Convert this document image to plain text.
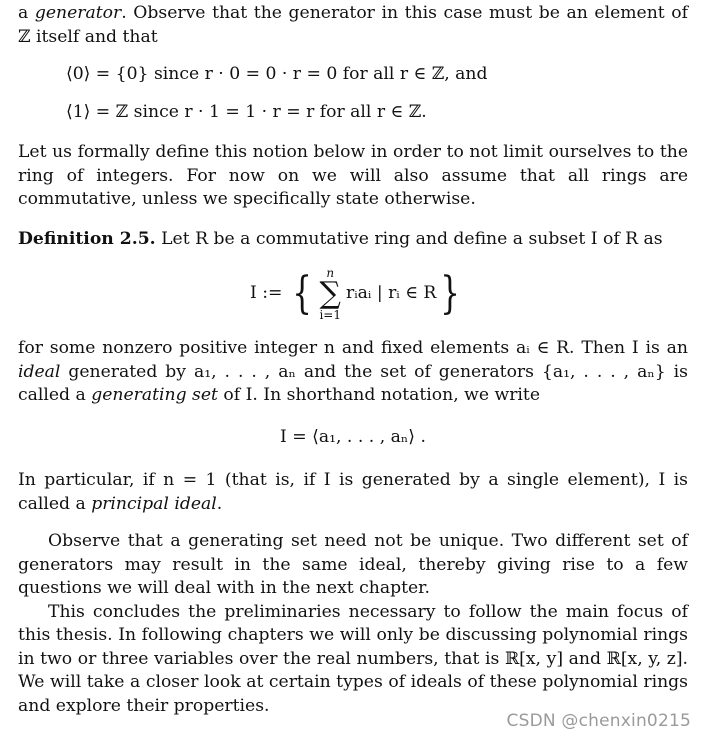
a generator. Observe that the generator in this case must be an element of ℤ itself and that

⟨0⟩ = {0} since r · 0 = 0 · r = 0 for all r ∈ ℤ, and
⟨1⟩ = ℤ since r · 1 = 1 · r = r for all r ∈ ℤ.

Let us formally define this notion below in order to not limit ourselves to the ring of integers. For now on we will also assume that all rings are commutative, unless we specifically state otherwise.

Definition 2.5. Let R be a commutative ring and define a subset I of R as

I := { n
∑
i=1
rᵢaᵢ | rᵢ ∈ R }

for some nonzero positive integer n and fixed elements aᵢ ∈ R. Then I is an ideal generated by a₁, . . . , aₙ and the set of generators {a₁, . . . , aₙ} is called a generating set of I. In shorthand notation, we write

I = ⟨a₁, . . . , aₙ⟩ .

In particular, if n = 1 (that is, if I is generated by a single element), I is called a principal ideal.

Observe that a generating set need not be unique. Two different set of generators may result in the same ideal, thereby giving rise to a few questions we will deal with in the next chapter.

This concludes the preliminaries necessary to follow the main focus of this thesis. In following chapters we will only be discussing polynomial rings in two or three variables over the real numbers, that is ℝ[x, y] and ℝ[x, y, z]. We will take a closer look at certain types of ideals of these polynomial rings and explore their properties.

CSDN @chenxin0215
